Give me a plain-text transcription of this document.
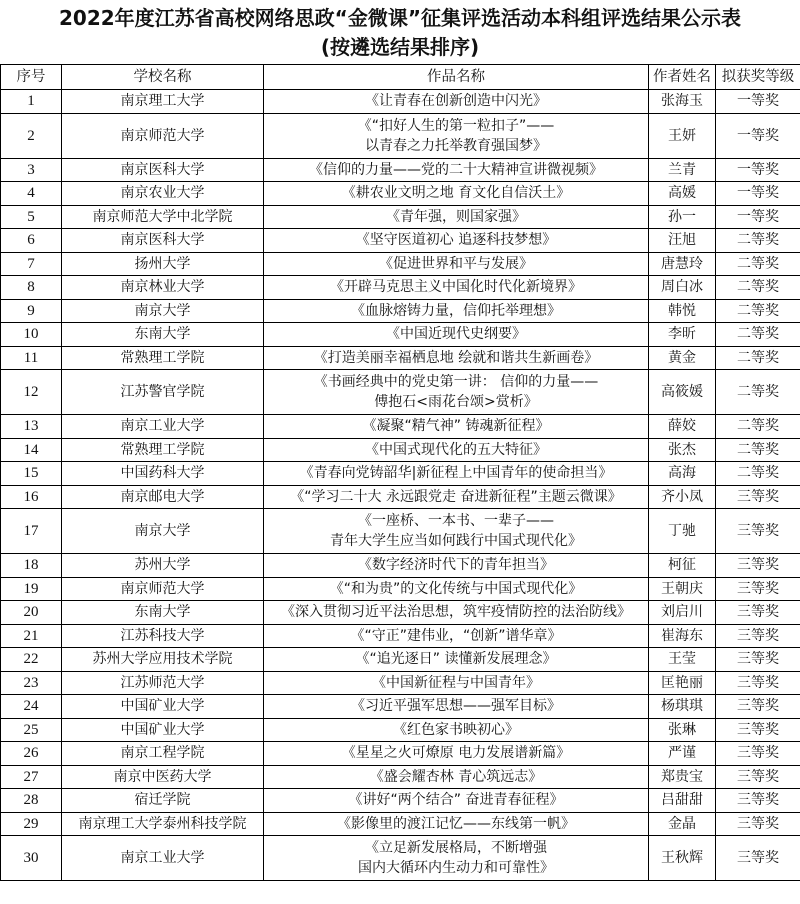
2022年度江苏省高校网络思政“金微课”征集评选活动本科组评选结果公示表
(按遴选结果排序)
序号	学校名称	作品名称	作者姓名	拟获奖等级
1	南京理工大学	《让青春在创新创造中闪光》	张海玉	一等奖
2	南京师范大学	《“扣好人生的第一粒扣子”——
以青春之力托举教育强国梦》	王妍	一等奖
3	南京医科大学	《信仰的力量——党的二十大精神宣讲微视频》	兰青	一等奖
4	南京农业大学	《耕农业文明之地 育文化自信沃土》	高媛	一等奖
5	南京师范大学中北学院	《青年强，则国家强》	孙一	一等奖
6	南京医科大学	《坚守医道初心 追逐科技梦想》	汪旭	二等奖
7	扬州大学	《促进世界和平与发展》	唐慧玲	二等奖
8	南京林业大学	《开辟马克思主义中国化时代化新境界》	周白冰	二等奖
9	南京大学	《血脉熔铸力量，信仰托举理想》	韩悦	二等奖
10	东南大学	《中国近现代史纲要》	李昕	二等奖
11	常熟理工学院	《打造美丽幸福栖息地 绘就和谐共生新画卷》	黄金	二等奖
12	江苏警官学院	《书画经典中的党史第一讲： 信仰的力量——
傅抱石<雨花台颂>赏析》	高筱媛	二等奖
13	南京工业大学	《凝聚“精气神” 铸魂新征程》	薛姣	二等奖
14	常熟理工学院	《中国式现代化的五大特征》	张杰	二等奖
15	中国药科大学	《青春向党铸韶华|新征程上中国青年的使命担当》	高海	二等奖
16	南京邮电大学	《“学习二十大 永远跟党走 奋进新征程”主题云微课》	齐小凤	三等奖
17	南京大学	《一座桥、一本书、一辈子——
青年大学生应当如何践行中国式现代化》	丁驰	三等奖
18	苏州大学	《数字经济时代下的青年担当》	柯征	三等奖
19	南京师范大学	《“和为贵”的文化传统与中国式现代化》	王朝庆	三等奖
20	东南大学	《深入贯彻习近平法治思想，筑牢疫情防控的法治防线》	刘启川	三等奖
21	江苏科技大学	《“守正”建伟业，“创新”谱华章》	崔海东	三等奖
22	苏州大学应用技术学院	《“追光逐日” 读懂新发展理念》	王莹	三等奖
23	江苏师范大学	《中国新征程与中国青年》	匡艳丽	三等奖
24	中国矿业大学	《习近平强军思想——强军目标》	杨琪琪	三等奖
25	中国矿业大学	《红色家书映初心》	张琳	三等奖
26	南京工程学院	《星星之火可燎原 电力发展谱新篇》	严谨	三等奖
27	南京中医药大学	《盛会耀杏林 青心筑远志》	郑贵宝	三等奖
28	宿迁学院	《讲好“两个结合” 奋进青春征程》	吕甜甜	三等奖
29	南京理工大学泰州科技学院	《影像里的渡江记忆——东线第一帆》	金晶	三等奖
30	南京工业大学	《立足新发展格局，不断增强
国内大循环内生动力和可靠性》	王秋辉	三等奖
